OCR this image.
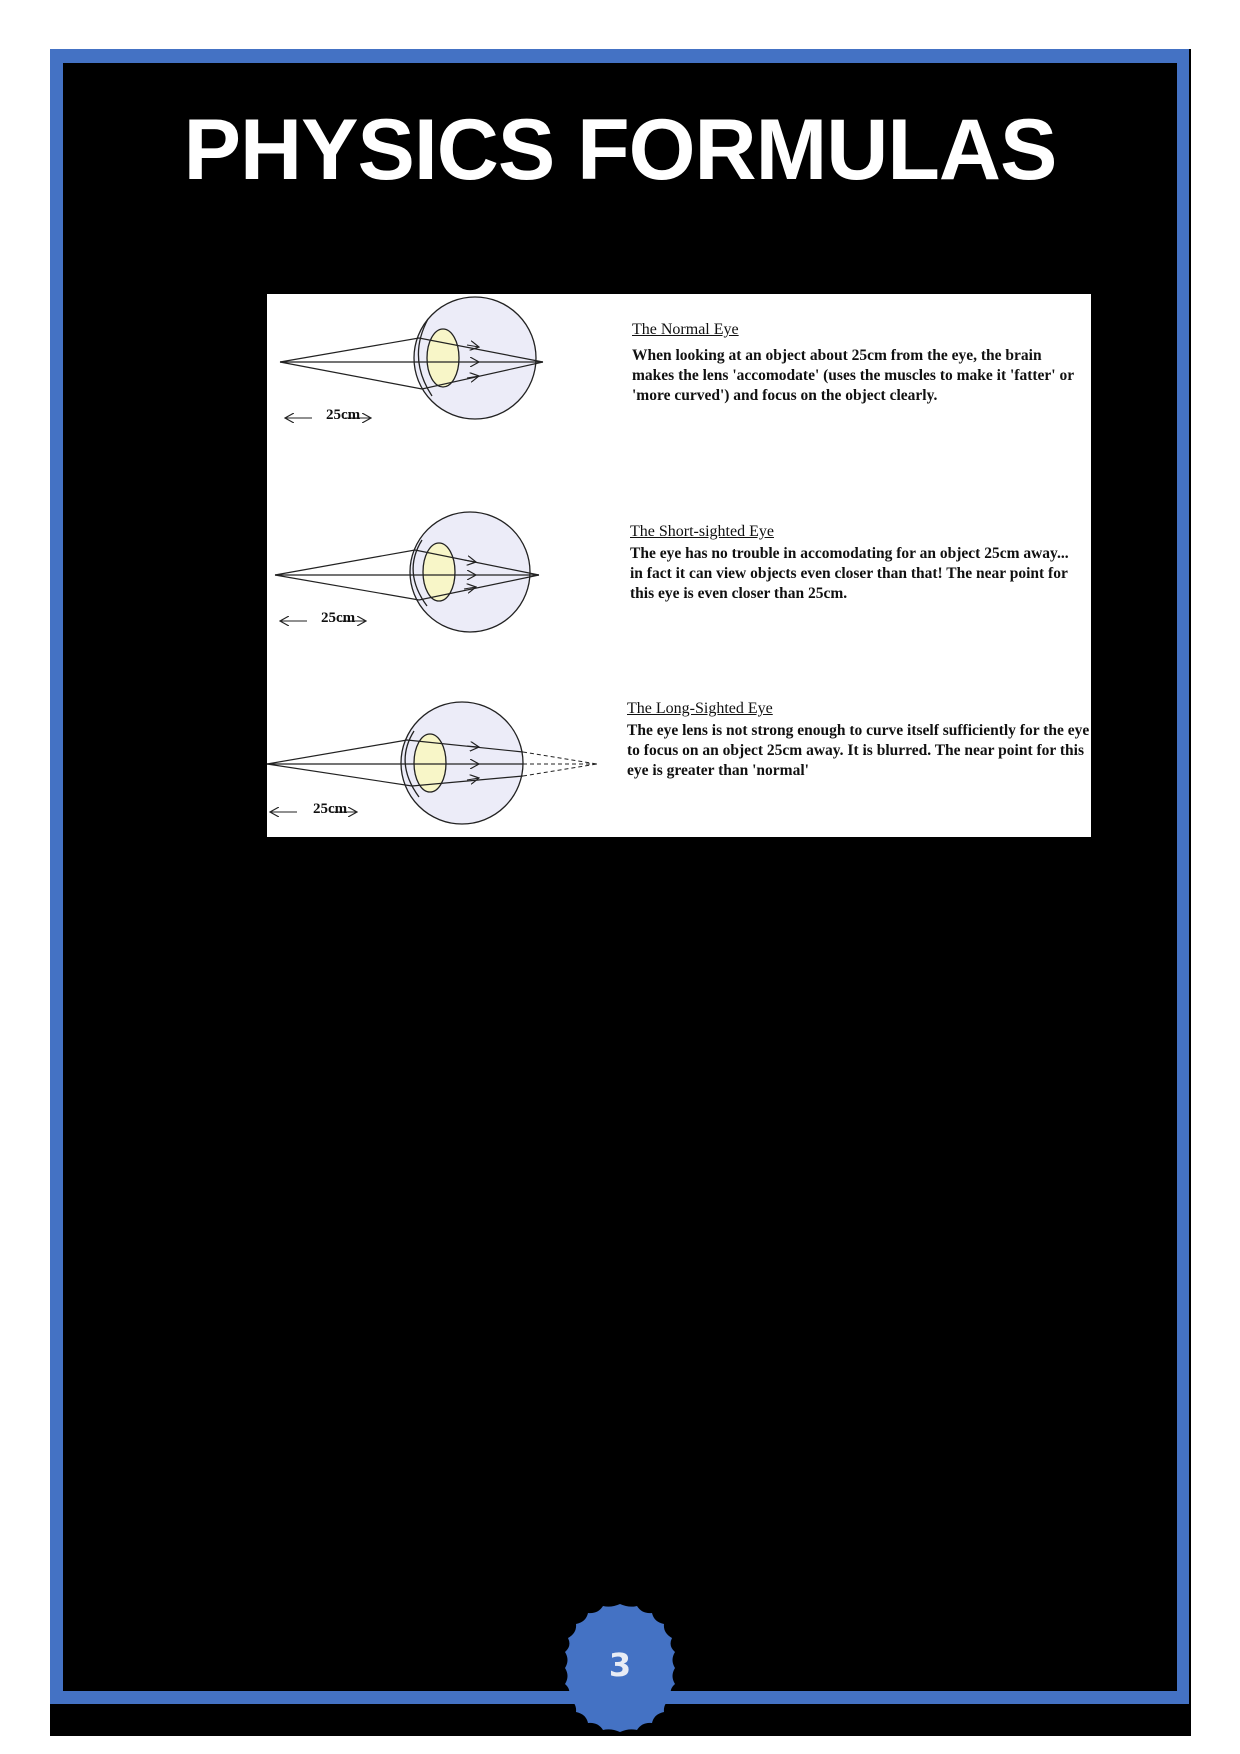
PHYSICS FORMULAS
25cm
25cm
25cm
The Normal Eye
When looking at an object about 25cm from the eye, the brain makes the lens 'accomodate' (uses the muscles to make it 'fatter' or 'more curved') and focus on the object clearly.
The Short-sighted Eye
The eye has no trouble in accomodating for an object 25cm away... in fact it can view objects even closer than that! The near point for this eye is even closer than 25cm.
The Long-Sighted Eye
The eye lens is not strong enough to curve itself sufficiently for the eye to focus on an object 25cm away. It is blurred. The near point for this eye is greater than 'normal'
3
